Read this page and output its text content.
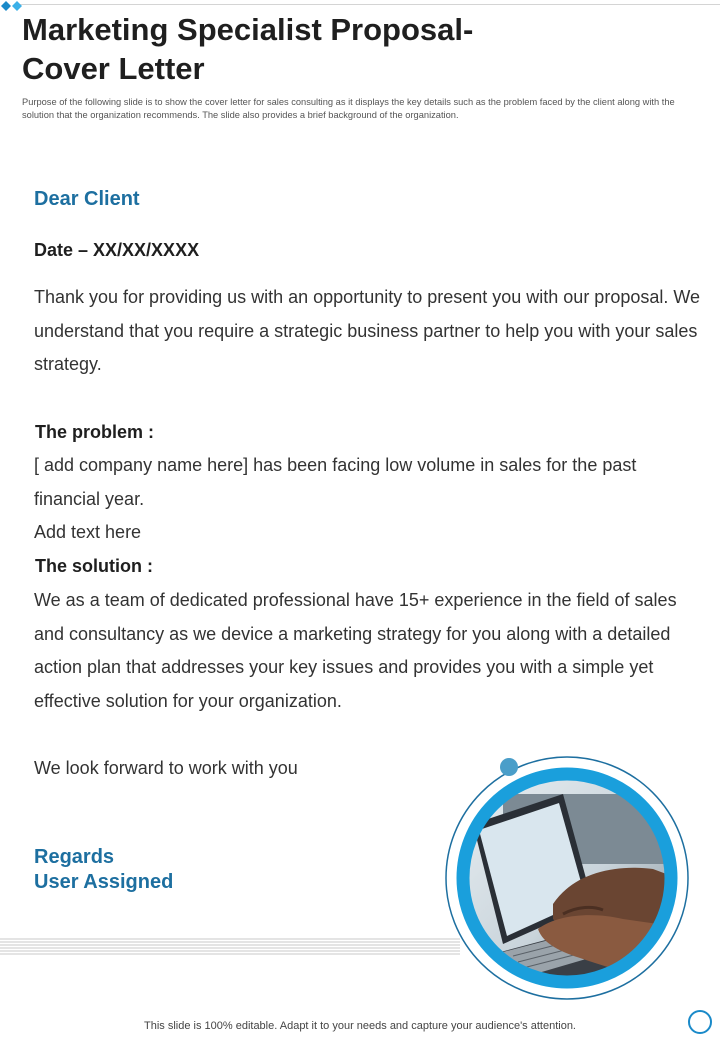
Marketing Specialist Proposal-
Cover Letter
Purpose of the following slide is to show the cover letter for sales consulting as it displays the key details such as the problem faced by the client along with the solution that the organization recommends. The slide also provides a brief background of the organization.
Dear Client
Date – XX/XX/XXXX
Thank you for providing us with an opportunity to present you with our proposal. We understand that you require a strategic business partner to help you with your sales strategy.
The problem :
[ add company name here] has been facing low volume in sales for the past financial year.
Add text here
The solution :
We as a team of dedicated professional have 15+ experience in the field of sales and consultancy as we device a marketing strategy for you along with a detailed action plan that addresses your key issues and provides you with a simple yet effective solution for your organization.
We look forward to work with you
Regards
User Assigned
This slide is 100% editable. Adapt it to your needs and capture your audience's attention.
